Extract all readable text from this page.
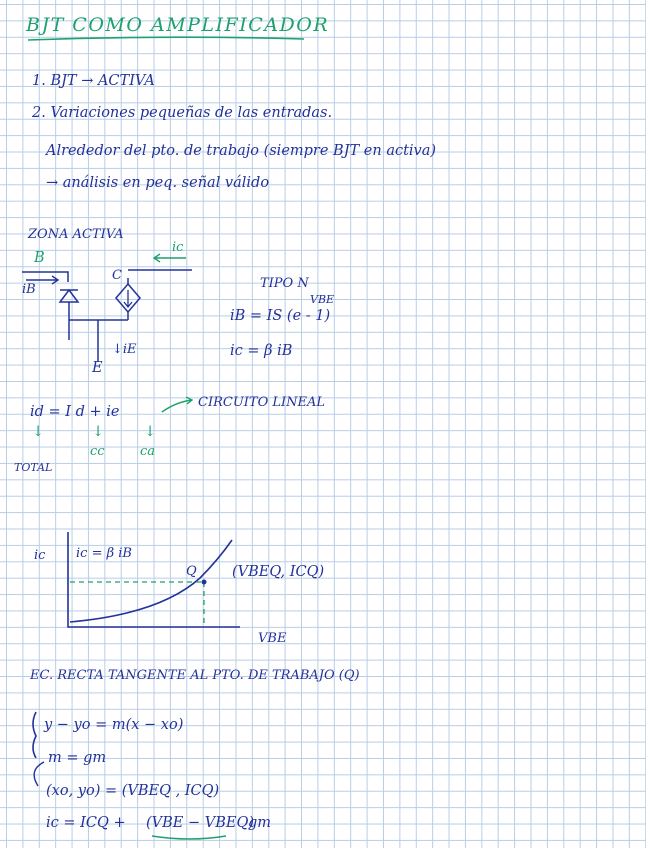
BJT COMO AMPLIFICADOR
1. BJT → ACTIVA
2. Variaciones pequeñas de las entradas.
Alrededor del pto. de trabajo (siempre BJT en activa)
→ análisis en peq. señal válido
ZONA ACTIVA
B
iB
C
ic
↓iE
E
TIPO N
VBE
iB = IS (e - 1)
ic = β iB
id = I d + ie
CIRCUITO LINEAL
↓	↓	↓
cc	ca
TOTAL
ic ic = β iB
Q (VBEQ, ICQ)
VBE
EC. RECTA TANGENTE AL PTO. DE TRABAJO (Q)
y − yo = m(x − xo)
m = gm
(xo, yo) = (VBEQ , ICQ)
ic = ICQ + (VBE − VBEQ)
gm
